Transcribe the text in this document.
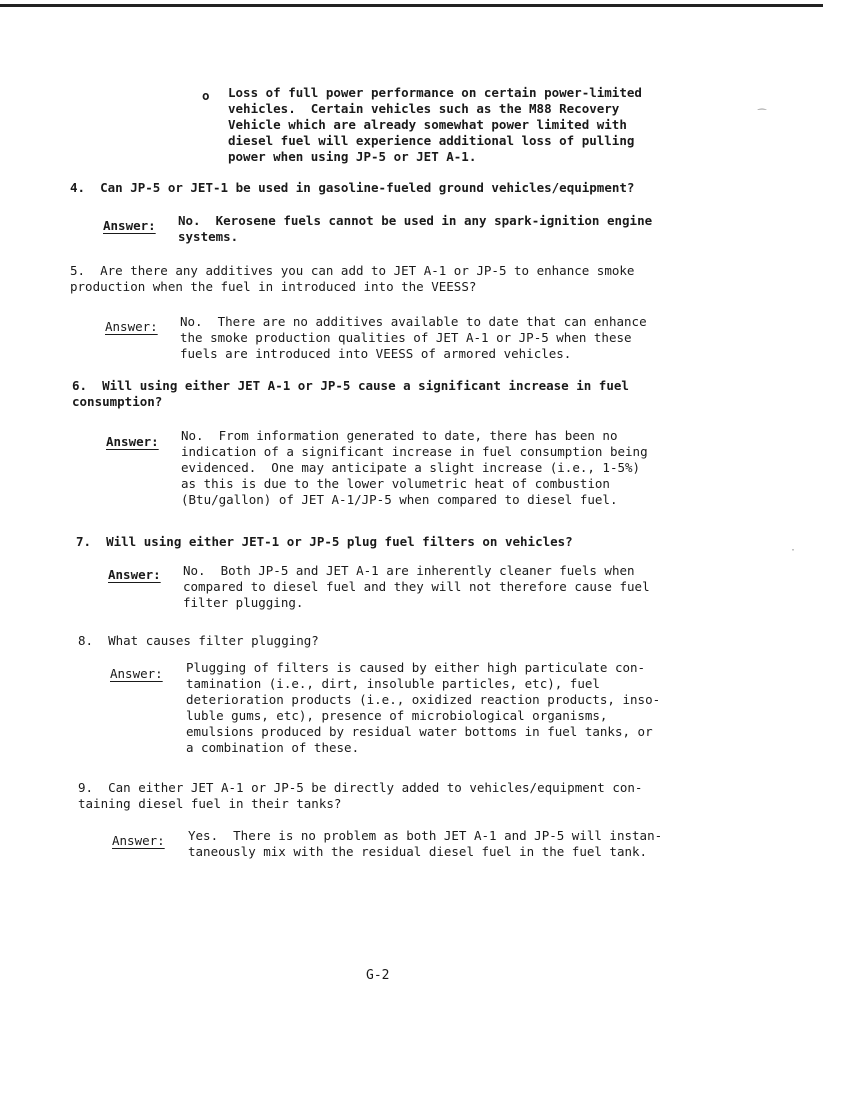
o Loss of full power performance on certain power-limited
vehicles.  Certain vehicles such as the M88 Recovery
Vehicle which are already somewhat power limited with
diesel fuel will experience additional loss of pulling
power when using JP-5 or JET A-1.
4.  Can JP-5 or JET-1 be used in gasoline-fueled ground vehicles/equipment?
Answer: No.  Kerosene fuels cannot be used in any spark-ignition engine
systems.
5.  Are there any additives you can add to JET A-1 or JP-5 to enhance smoke
production when the fuel in introduced into the VEESS?
Answer: No.  There are no additives available to date that can enhance
the smoke production qualities of JET A-1 or JP-5 when these
fuels are introduced into VEESS of armored vehicles.
6.  Will using either JET A-1 or JP-5 cause a significant increase in fuel
consumption?
Answer: No.  From information generated to date, there has been no
indication of a significant increase in fuel consumption being
evidenced.  One may anticipate a slight increase (i.e., 1-5%)
as this is due to the lower volumetric heat of combustion
(Btu/gallon) of JET A-1/JP-5 when compared to diesel fuel.
7.  Will using either JET-1 or JP-5 plug fuel filters on vehicles?
Answer: No.  Both JP-5 and JET A-1 are inherently cleaner fuels when
compared to diesel fuel and they will not therefore cause fuel
filter plugging.
8.  What causes filter plugging?
Answer: Plugging of filters is caused by either high particulate con-
tamination (i.e., dirt, insoluble particles, etc), fuel
deterioration products (i.e., oxidized reaction products, inso-
luble gums, etc), presence of microbiological organisms,
emulsions produced by residual water bottoms in fuel tanks, or
a combination of these.
9.  Can either JET A-1 or JP-5 be directly added to vehicles/equipment con-
taining diesel fuel in their tanks?
Answer: Yes.  There is no problem as both JET A-1 and JP-5 will instan-
taneously mix with the residual diesel fuel in the fuel tank.
G-2
⁀
·
